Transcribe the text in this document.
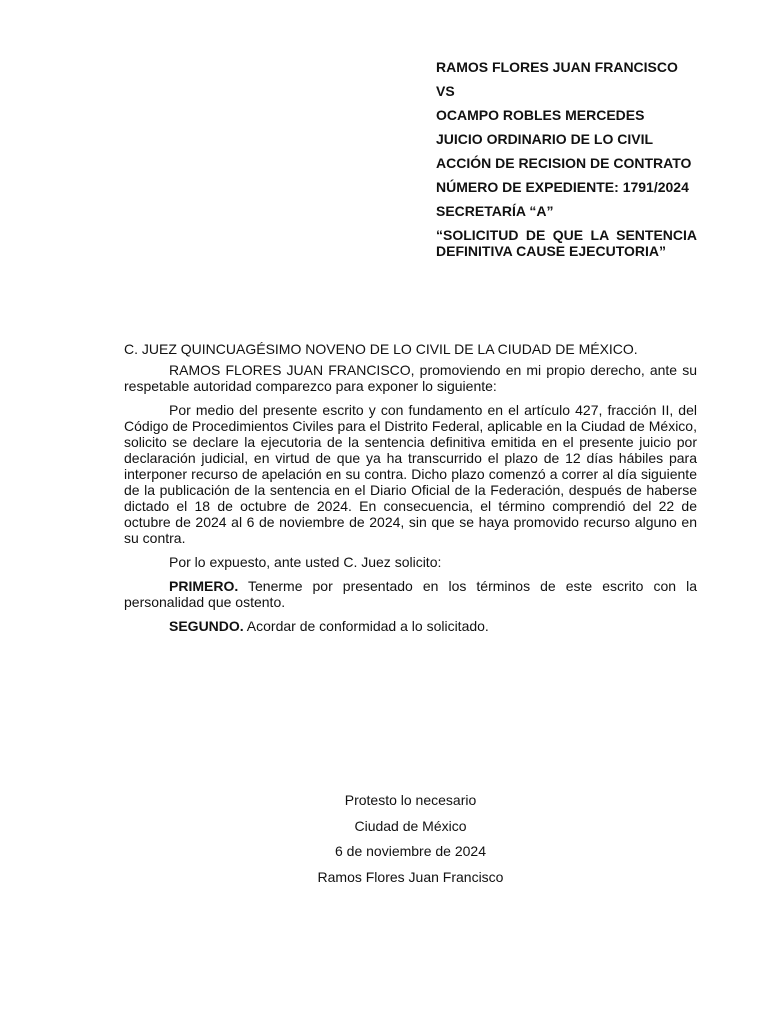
RAMOS FLORES JUAN FRANCISCO

VS

OCAMPO ROBLES MERCEDES

JUICIO ORDINARIO DE LO CIVIL

ACCIÓN DE RECISION DE CONTRATO

NÚMERO DE EXPEDIENTE: 1791/2024

SECRETARÍA “A”

“SOLICITUD DE QUE LA SENTENCIA DEFINITIVA CAUSE EJECUTORIA”

C. JUEZ QUINCUAGÉSIMO NOVENO DE LO CIVIL DE LA CIUDAD DE MÉXICO.

RAMOS FLORES JUAN FRANCISCO, promoviendo en mi propio derecho, ante su respetable autoridad comparezco para exponer lo siguiente:

Por medio del presente escrito y con fundamento en el artículo 427, fracción II, del Código de Procedimientos Civiles para el Distrito Federal, aplicable en la Ciudad de México, solicito se declare la ejecutoria de la sentencia definitiva emitida en el presente juicio por declaración judicial, en virtud de que ya ha transcurrido el plazo de 12 días hábiles para interponer recurso de apelación en su contra. Dicho plazo comenzó a correr al día siguiente de la publicación de la sentencia en el Diario Oficial de la Federación, después de haberse dictado el 18 de octubre de 2024. En consecuencia, el término comprendió del 22 de octubre de 2024 al 6 de noviembre de 2024, sin que se haya promovido recurso alguno en su contra.

Por lo expuesto, ante usted C. Juez solicito:

PRIMERO. Tenerme por presentado en los términos de este escrito con la personalidad que ostento.

SEGUNDO. Acordar de conformidad a lo solicitado.

Protesto lo necesario

Ciudad de México

6 de noviembre de 2024

Ramos Flores Juan Francisco
